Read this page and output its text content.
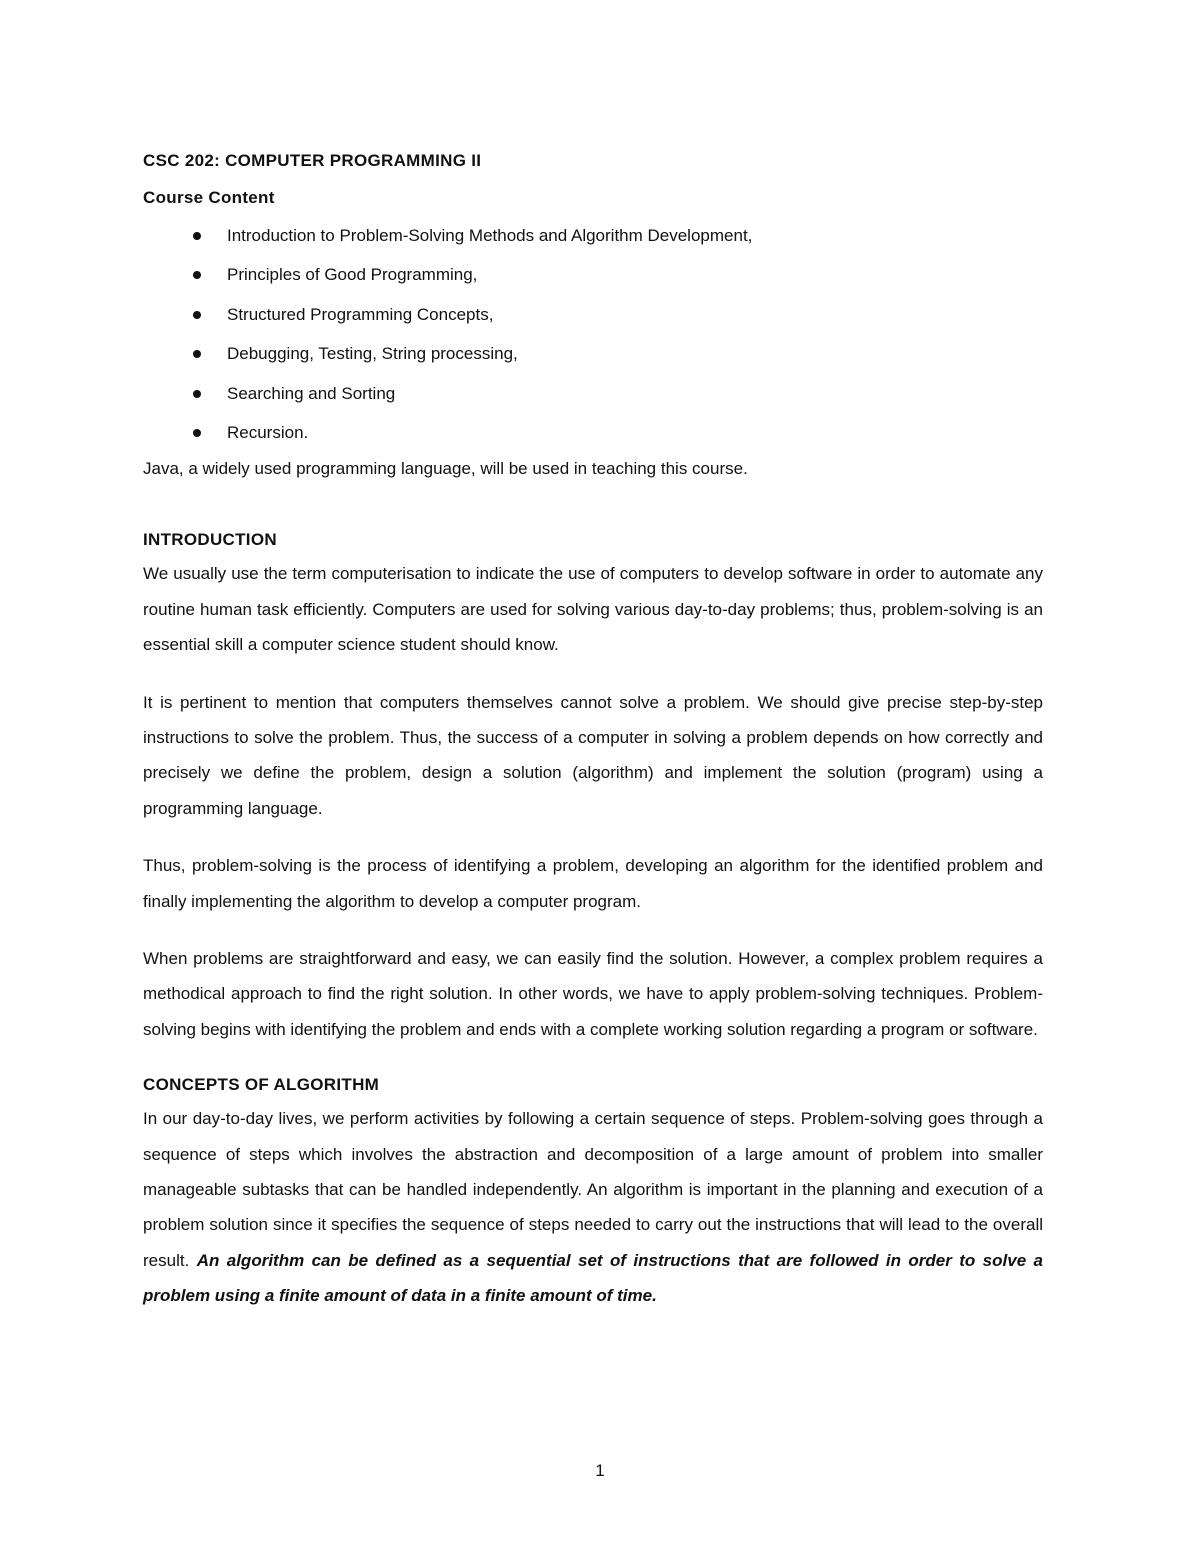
CSC 202: COMPUTER PROGRAMMING II

Course Content

Introduction to Problem-Solving Methods and Algorithm Development,
Principles of Good Programming,
Structured Programming Concepts,
Debugging, Testing, String processing,
Searching and Sorting
Recursion.

Java, a widely used programming language, will be used in teaching this course.

INTRODUCTION

We usually use the term computerisation to indicate the use of computers to develop software in order to automate any routine human task efficiently. Computers are used for solving various day-to-day problems; thus, problem-solving is an essential skill a computer science student should know.

It is pertinent to mention that computers themselves cannot solve a problem. We should give precise step-by-step instructions to solve the problem. Thus, the success of a computer in solving a problem depends on how correctly and precisely we define the problem, design a solution (algorithm) and implement the solution (program) using a programming language.

Thus, problem-solving is the process of identifying a problem, developing an algorithm for the identified problem and finally implementing the algorithm to develop a computer program.

When problems are straightforward and easy, we can easily find the solution. However, a complex problem requires a methodical approach to find the right solution. In other words, we have to apply problem-solving techniques. Problem-solving begins with identifying the problem and ends with a complete working solution regarding a program or software.

CONCEPTS OF ALGORITHM

In our day-to-day lives, we perform activities by following a certain sequence of steps. Problem-solving goes through a sequence of steps which involves the abstraction and decomposition of a large amount of problem into smaller manageable subtasks that can be handled independently. An algorithm is important in the planning and execution of a problem solution since it specifies the sequence of steps needed to carry out the instructions that will lead to the overall result. An algorithm can be defined as a sequential set of instructions that are followed in order to solve a problem using a finite amount of data in a finite amount of time.

1
